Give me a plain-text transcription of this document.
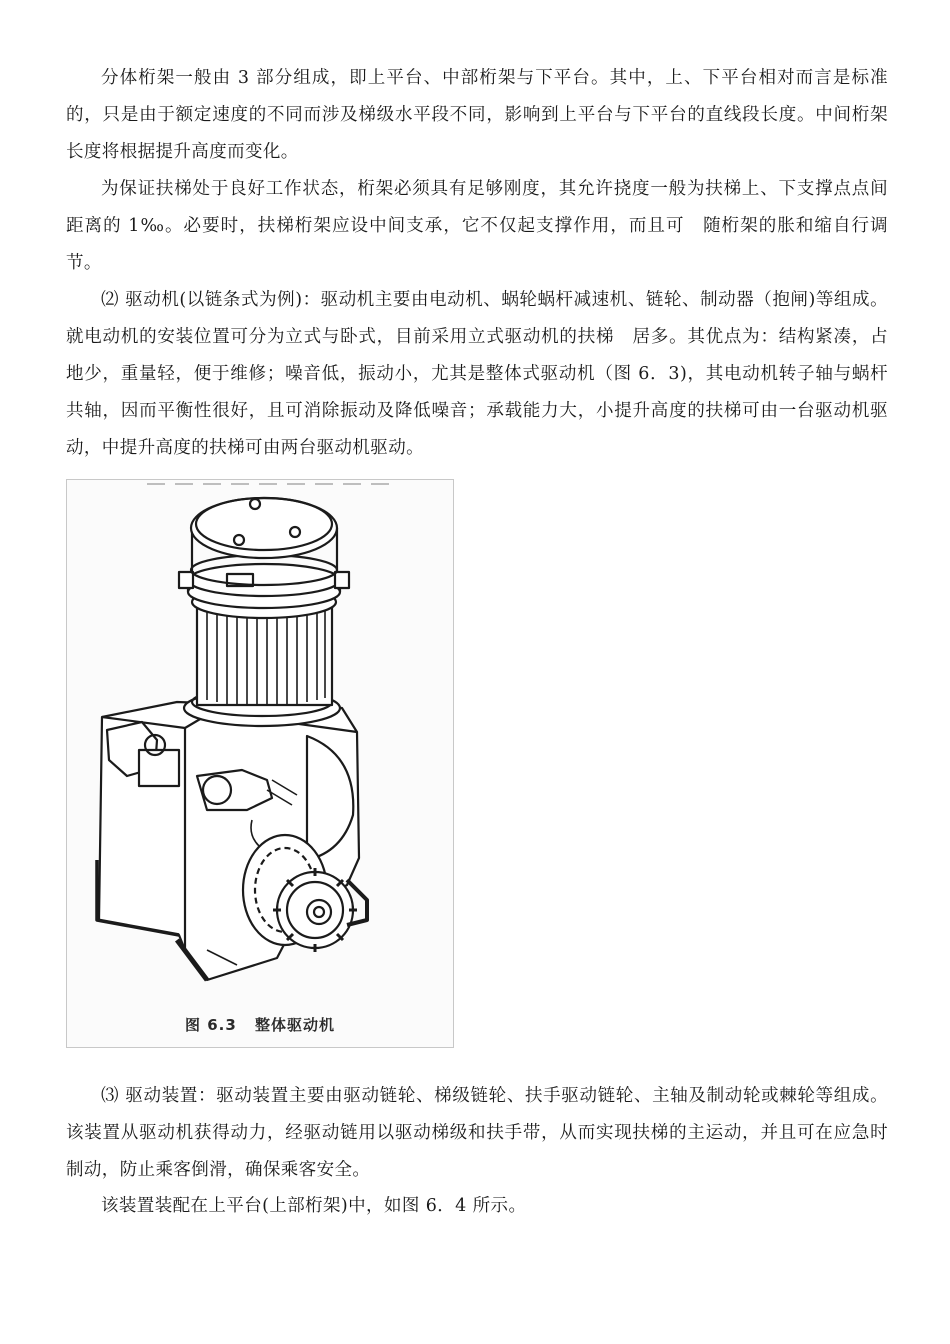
分体桁架一般由 3 部分组成，即上平台、中部桁架与下平台。其中，上、下平台相对而言是标准的，只是由于额定速度的不同而涉及梯级水平段不同，影响到上平台与下平台的直线段长度。中间桁架长度将根据提升高度而变化。

为保证扶梯处于良好工作状态，桁架必须具有足够刚度，其允许挠度一般为扶梯上、下支撑点点间距离的 1‰。必要时，扶梯桁架应设中间支承，它不仅起支撑作用，而且可　随桁架的胀和缩自行调节。

⑵ 驱动机(以链条式为例)：驱动机主要由电动机、蜗轮蜗杆减速机、链轮、制动器（抱闸)等组成。就电动机的安装位置可分为立式与卧式，目前采用立式驱动机的扶梯　居多。其优点为：结构紧凑，占地少，重量轻，便于维修；噪音低，振动小，尤其是整体式驱动机（图 6．3)，其电动机转子轴与蜗杆共轴，因而平衡性很好，且可消除振动及降低噪音；承载能力大，小提升高度的扶梯可由一台驱动机驱动，中提升高度的扶梯可由两台驱动机驱动。

图 6.3 整体驱动机

⑶ 驱动装置：驱动装置主要由驱动链轮、梯级链轮、扶手驱动链轮、主轴及制动轮或棘轮等组成。该装置从驱动机获得动力，经驱动链用以驱动梯级和扶手带，从而实现扶梯的主运动，并且可在应急时制动，防止乘客倒滑，确保乘客安全。

该装置装配在上平台(上部桁架)中，如图 6．4 所示。
